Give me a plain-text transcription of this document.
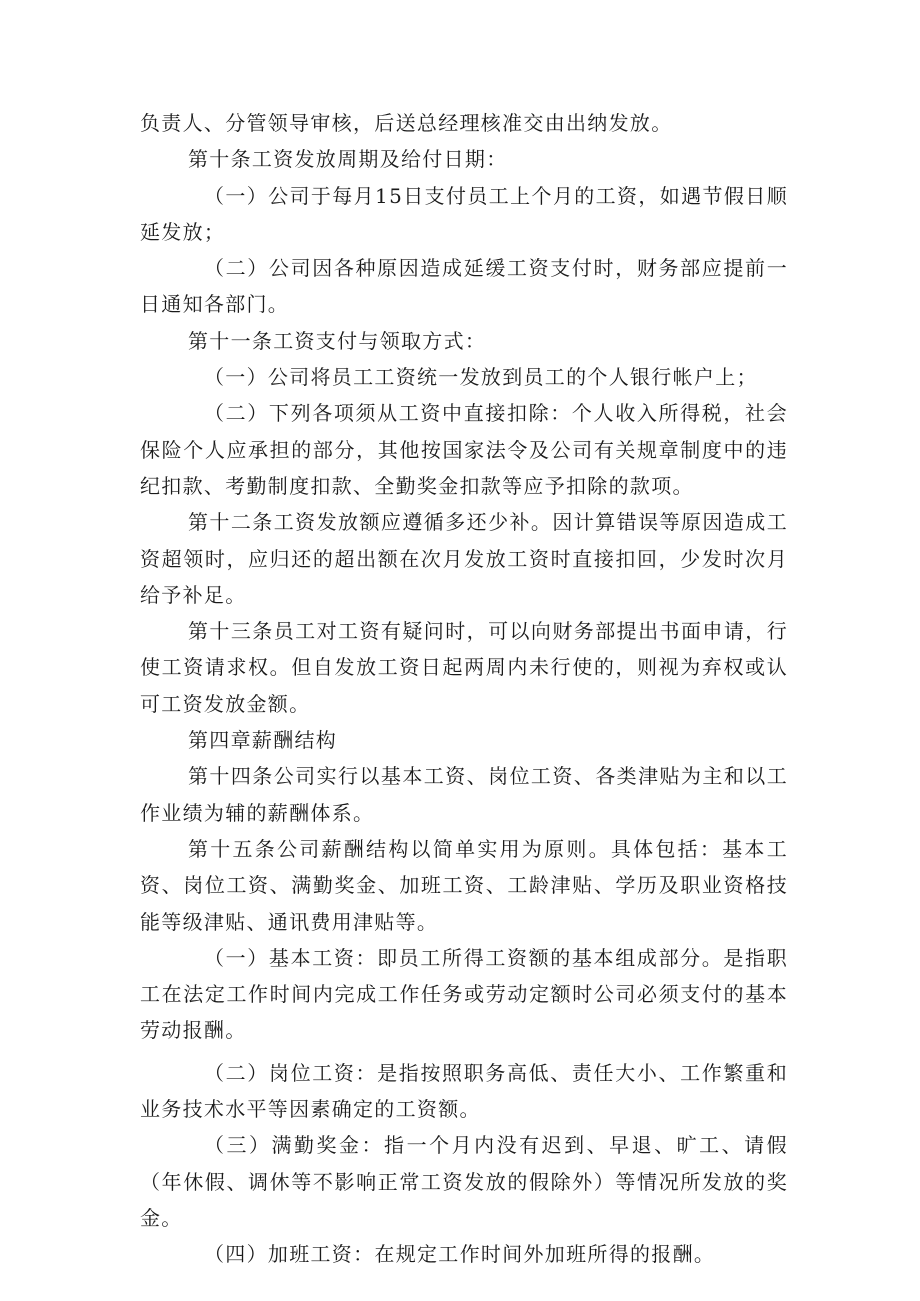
负责人、分管领导审核，后送总经理核准交由出纳发放。

第十条工资发放周期及给付日期：

（一）公司于每月15日支付员工上个月的工资，如遇节假日顺延发放；

（二）公司因各种原因造成延缓工资支付时，财务部应提前一日通知各部门。

第十一条工资支付与领取方式：

（一）公司将员工工资统一发放到员工的个人银行帐户上；

（二）下列各项须从工资中直接扣除：个人收入所得税，社会保险个人应承担的部分，其他按国家法令及公司有关规章制度中的违纪扣款、考勤制度扣款、全勤奖金扣款等应予扣除的款项。

第十二条工资发放额应遵循多还少补。因计算错误等原因造成工资超领时，应归还的超出额在次月发放工资时直接扣回，少发时次月给予补足。

第十三条员工对工资有疑问时，可以向财务部提出书面申请，行使工资请求权。但自发放工资日起两周内未行使的，则视为弃权或认可工资发放金额。

第四章薪酬结构

第十四条公司实行以基本工资、岗位工资、各类津贴为主和以工作业绩为辅的薪酬体系。

第十五条公司薪酬结构以简单实用为原则。具体包括：基本工资、岗位工资、满勤奖金、加班工资、工龄津贴、学历及职业资格技能等级津贴、通讯费用津贴等。

（一）基本工资：即员工所得工资额的基本组成部分。是指职工在法定工作时间内完成工作任务或劳动定额时公司必须支付的基本劳动报酬。

（二）岗位工资：是指按照职务高低、责任大小、工作繁重和业务技术水平等因素确定的工资额。

（三）满勤奖金：指一个月内没有迟到、早退、旷工、请假（年休假、调休等不影响正常工资发放的假除外）等情况所发放的奖金。

（四）加班工资：在规定工作时间外加班所得的报酬。
